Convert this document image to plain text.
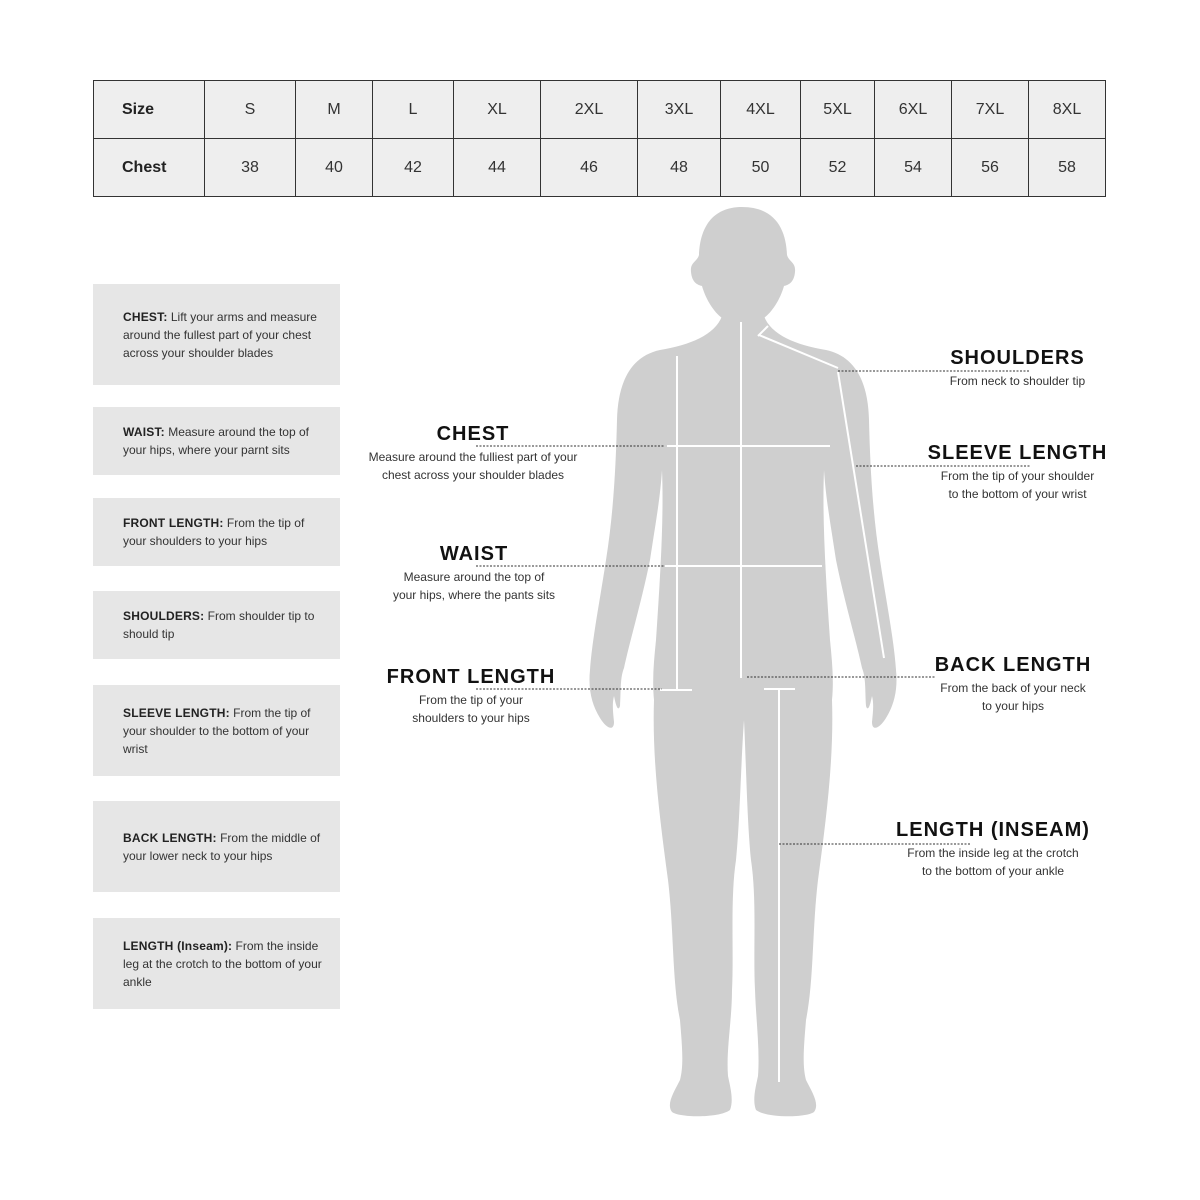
Size	S	M	L	XL	2XL	3XL	4XL	5XL	6XL	7XL	8XL
Chest	38	40	42	44	46	48	50	52	54	56	58
CHEST: Lift your arms and measure around the fullest part of your chest across your shoulder blades
WAIST: Measure around the top of your hips, where your parnt sits
FRONT LENGTH: From the tip of your shoulders to your hips
SHOULDERS: From shoulder tip to should tip
SLEEVE LENGTH: From the tip of your shoulder to the bottom of your wrist
BACK LENGTH: From the middle of your lower neck to your hips
LENGTH (Inseam): From the inside leg at the crotch to the bottom of your ankle
CHEST
Measure around the fulliest part of your
chest across your shoulder blades
WAIST
Measure around the top of
your hips, where the pants sits
FRONT LENGTH
From the tip of your
shoulders to your hips
SHOULDERS
From neck to shoulder tip
SLEEVE LENGTH
From the tip of your shoulder
to the bottom of your wrist
BACK LENGTH
From the back of your neck
to your hips
LENGTH (INSEAM)
From the inside leg at the crotch
to the bottom of your ankle
